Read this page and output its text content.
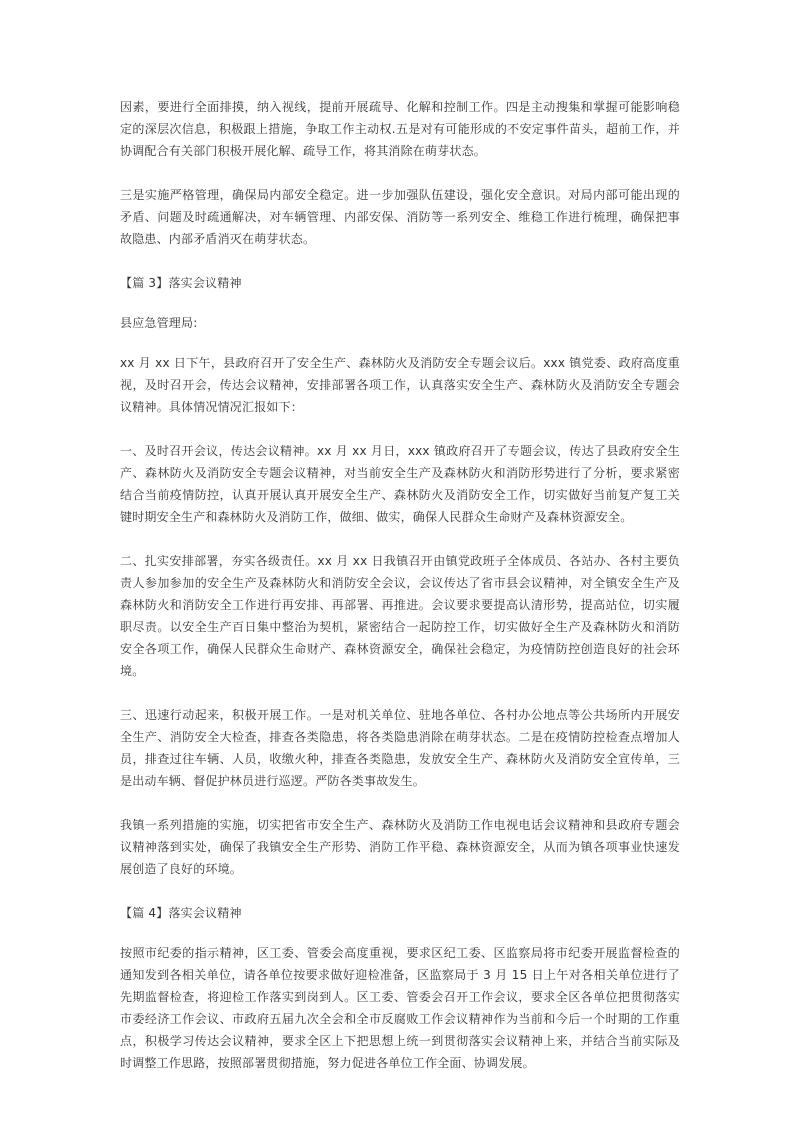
因素，要进行全面排摸，纳入视线，提前开展疏导、化解和控制工作。四是主动搜集和掌握可能影响稳定的深层次信息，积极跟上措施，争取工作主动权.五是对有可能形成的不安定事件苗头，超前工作，并协调配合有关部门积极开展化解、疏导工作，将其消除在萌芽状态。

三是实施严格管理，确保局内部安全稳定。进一步加强队伍建设，强化安全意识。对局内部可能出现的矛盾、问题及时疏通解决，对车辆管理、内部安保、消防等一系列安全、维稳工作进行梳理，确保把事故隐患、内部矛盾消灭在萌芽状态。

【篇 3】落实会议精神

县应急管理局:

xx 月 xx 日下午，县政府召开了安全生产、森林防火及消防安全专题会议后。xxx 镇党委、政府高度重视，及时召开会，传达会议精神，安排部署各项工作，认真落实安全生产、森林防火及消防安全专题会议精神。具体情况情况汇报如下：

一、及时召开会议，传达会议精神。xx 月 xx 月日，xxx 镇政府召开了专题会议，传达了县政府安全生产、森林防火及消防安全专题会议精神，对当前安全生产及森林防火和消防形势进行了分析，要求紧密结合当前疫情防控，认真开展认真开展安全生产、森林防火及消防安全工作，切实做好当前复产复工关键时期安全生产和森林防火及消防工作，做细、做实，确保人民群众生命财产及森林资源安全。

二、扎实安排部署，夯实各级责任。xx 月 xx 日我镇召开由镇党政班子全体成员、各站办、各村主要负责人参加参加的安全生产及森林防火和消防安全会议，会议传达了省市县会议精神，对全镇安全生产及森林防火和消防安全工作进行再安排、再部署、再推进。会议要求要提高认清形势，提高站位，切实履职尽责。以安全生产百日集中整治为契机，紧密结合一起防控工作，切实做好全生产及森林防火和消防安全各项工作，确保人民群众生命财产、森林资源安全，确保社会稳定，为疫情防控创造良好的社会环境。

三、迅速行动起来，积极开展工作。一是对机关单位、驻地各单位、各村办公地点等公共场所内开展安全生产、消防安全大检查，排查各类隐患，将各类隐患消除在萌芽状态。二是在疫情防控检查点增加人员，排查过往车辆、人员，收缴火种，排查各类隐患，发放安全生产、森林防火及消防安全宣传单，三是出动车辆、督促护林员进行巡逻。严防各类事故发生。

我镇一系列措施的实施，切实把省市安全生产、森林防火及消防工作电视电话会议精神和县政府专题会议精神落到实处，确保了我镇安全生产形势、消防工作平稳、森林资源安全，从而为镇各项事业快速发展创造了良好的环境。

【篇 4】落实会议精神

按照市纪委的指示精神，区工委、管委会高度重视，要求区纪工委、区监察局将市纪委开展监督检查的通知发到各相关单位，请各单位按要求做好迎检准备，区监察局于 3 月 15 日上午对各相关单位进行了先期监督检查，将迎检工作落实到岗到人。区工委、管委会召开工作会议，要求全区各单位把贯彻落实市委经济工作会议、市政府五届九次全会和全市反腐败工作会议精神作为当前和今后一个时期的工作重点，积极学习传达会议精神，要求全区上下把思想上统一到贯彻落实会议精神上来，并结合当前实际及时调整工作思路，按照部署贯彻措施，努力促进各单位工作全面、协调发展。
